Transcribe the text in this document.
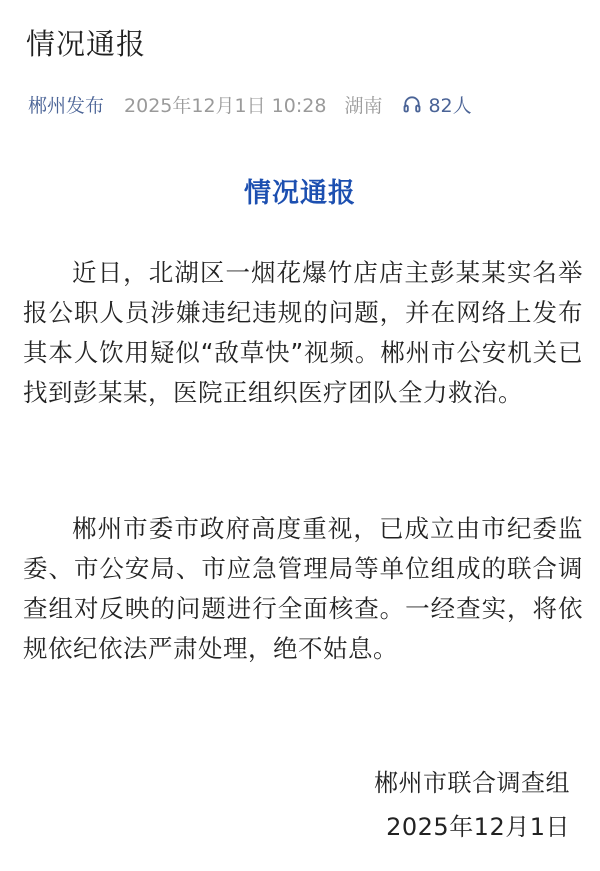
情况通报
郴州发布 2025年12月1日 10:28 湖南 82人
情况通报

近日，北湖区一烟花爆竹店店主彭某某实名举报公职人员涉嫌违纪违规的问题，并在网络上发布其本人饮用疑似“敌草快”视频。郴州市公安机关已找到彭某某，医院正组织医疗团队全力救治。

郴州市委市政府高度重视，已成立由市纪委监委、市公安局、市应急管理局等单位组成的联合调查组对反映的问题进行全面核查。一经查实，将依规依纪依法严肃处理，绝不姑息。

郴州市联合调查组
2025年12月1日
